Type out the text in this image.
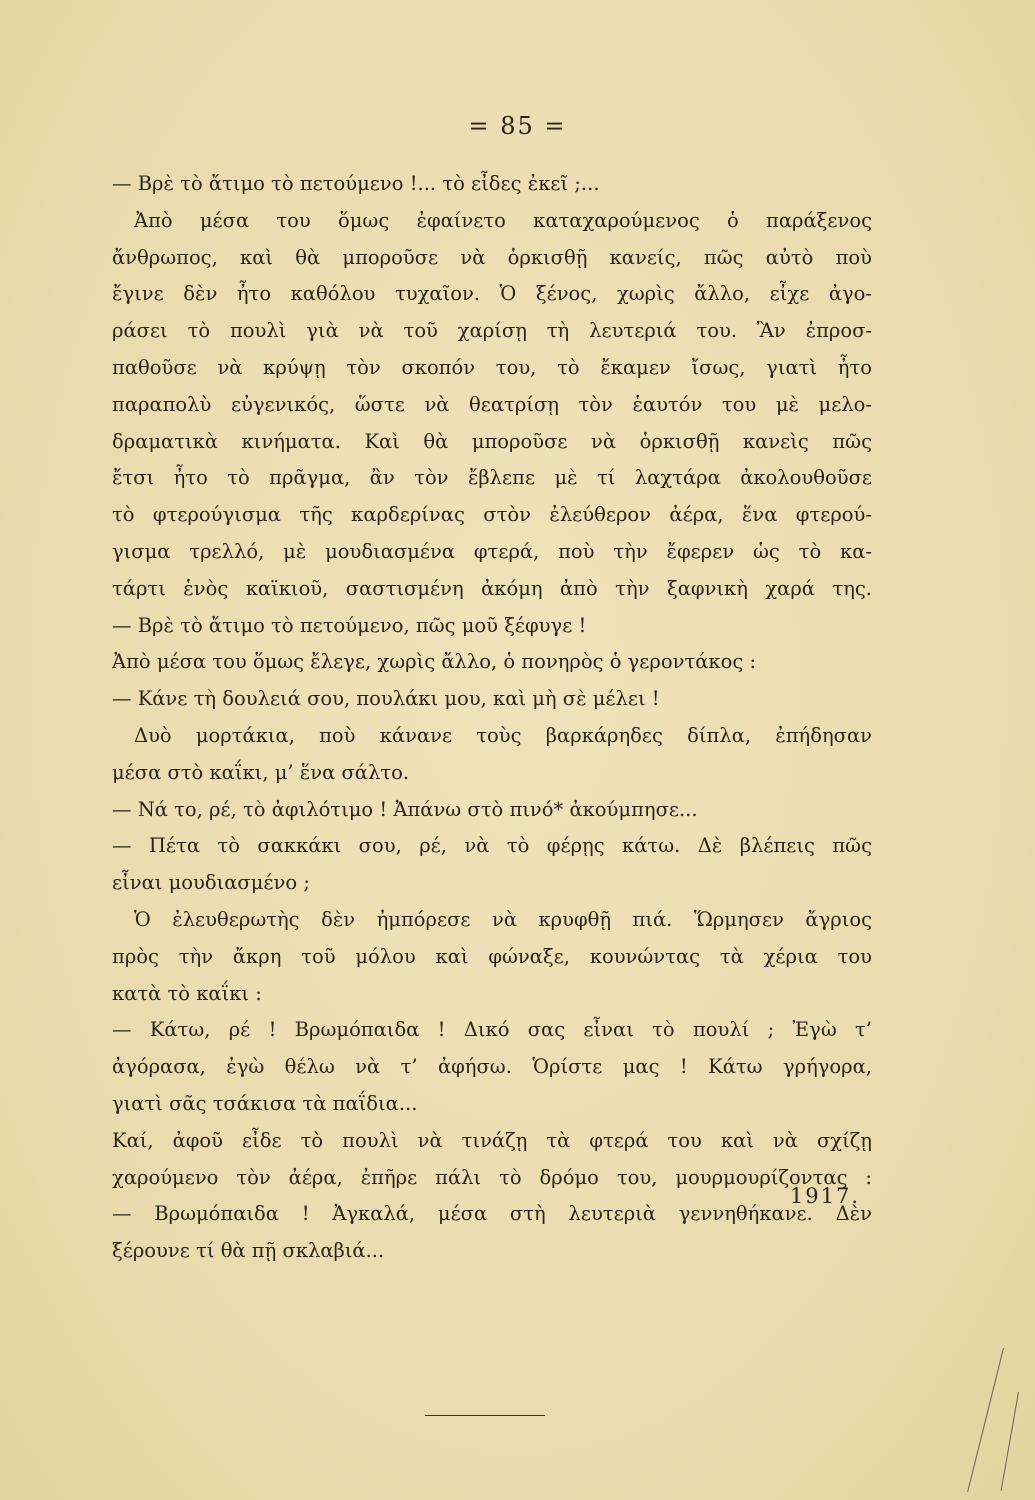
= 85 =
— Βρὲ τὸ ἄτιμο τὸ πετούμενο !... τὸ εἶδες ἐκεῖ ;...
Ἀπὸ μέσα του ὅμως ἐφαίνετο καταχαρούμενος ὁ παράξενος
ἄνθρωπος, καὶ θὰ μποροῦσε νὰ ὁρκισθῇ κανείς, πῶς αὐτὸ ποὺ
ἔγινε δὲν ἦτο καθόλου τυχαῖον. Ὁ ξένος, χωρὶς ἄλλο, εἶχε ἀγο-
ράσει τὸ πουλὶ γιὰ νὰ τοῦ χαρίσῃ τὴ λευτεριά του. Ἂν ἐπροσ-
παθοῦσε νὰ κρύψῃ τὸν σκοπόν του, τὸ ἔκαμεν ἴσως, γιατὶ ἦτο
παραπολὺ εὐγενικός, ὥστε νὰ θεατρίσῃ τὸν ἑαυτόν του μὲ μελο-
δραματικὰ κινήματα. Καὶ θὰ μποροῦσε νὰ ὁρκισθῇ κανεὶς πῶς
ἔτσι ἦτο τὸ πρᾶγμα, ἂν τὸν ἔβλεπε μὲ τί λαχτάρα ἀκολουθοῦσε
τὸ φτερούγισμα τῆς καρδερίνας στὸν ἐλεύθερον ἀέρα, ἕνα φτερού-
γισμα τρελλό, μὲ μουδιασμένα φτερά, ποὺ τὴν ἔφερεν ὡς τὸ κα-
τάρτι ἑνὸς καϊκιοῦ, σαστισμένη ἀκόμη ἀπὸ τὴν ξαφνικὴ χαρά της.
— Βρὲ τὸ ἄτιμο τὸ πετούμενο, πῶς μοῦ ξέφυγε !
Ἀπὸ μέσα του ὅμως ἔλεγε, χωρὶς ἄλλο, ὁ πονηρὸς ὁ γεροντάκος :
— Κάνε τὴ δουλειά σου, πουλάκι μου, καὶ μὴ σὲ μέλει !
Δυὸ μορτάκια, ποὺ κάνανε τοὺς βαρκάρηδες δίπλα, ἐπήδησαν
μέσα στὸ καΐκι, μ’ ἕνα σάλτο.
— Νά το, ρέ, τὸ ἀφιλότιμο ! Ἀπάνω στὸ πινό* ἀκούμπησε...
— Πέτα τὸ σακκάκι σου, ρέ, νὰ τὸ φέρῃς κάτω. Δὲ βλέπεις πῶς
εἶναι μουδιασμένο ;
Ὁ ἐλευθερωτὴς δὲν ἠμπόρεσε νὰ κρυφθῇ πιά. Ὥρμησεν ἄγριος
πρὸς τὴν ἄκρη τοῦ μόλου καὶ φώναξε, κουνώντας τὰ χέρια του
κατὰ τὸ καΐκι :
— Κάτω, ρέ ! Βρωμόπαιδα ! Δικό σας εἶναι τὸ πουλί ; Ἐγὼ τ’
ἀγόρασα, ἐγὼ θέλω νὰ τ’ ἀφήσω. Ὁρίστε μας ! Κάτω γρήγορα,
γιατὶ σᾶς τσάκισα τὰ παΐδια...
Καί, ἀφοῦ εἶδε τὸ πουλὶ νὰ τινάζῃ τὰ φτερά του καὶ νὰ σχίζῃ
χαρούμενο τὸν ἀέρα, ἐπῆρε πάλι τὸ δρόμο του, μουρμουρίζοντας :
— Βρωμόπαιδα ! Ἀγκαλά, μέσα στὴ λευτεριὰ γεννηθήκανε. Δὲν
ξέρουνε τί θὰ πῇ σκλαβιά...
1917.
